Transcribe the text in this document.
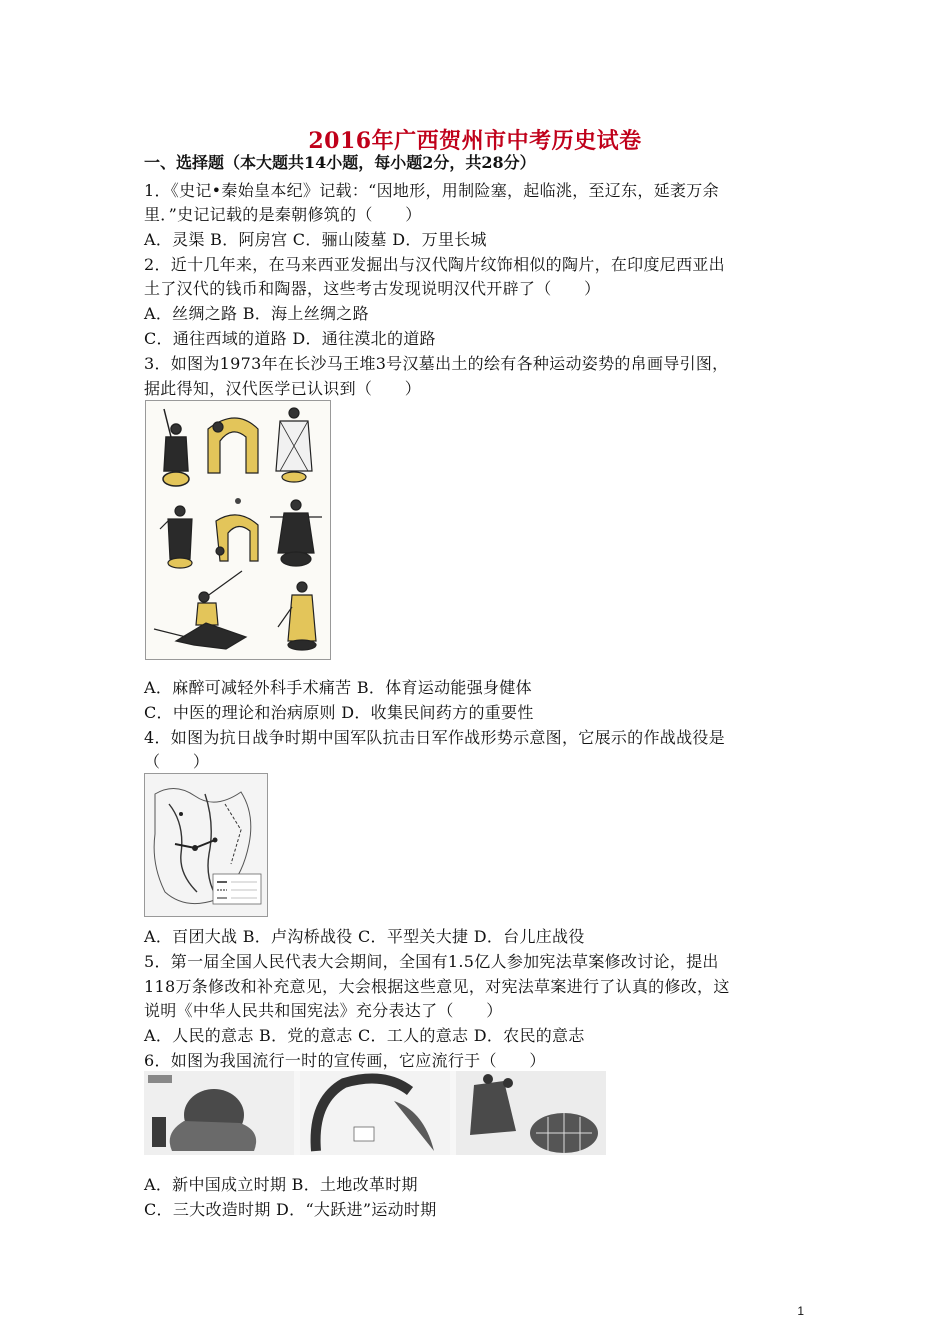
2016年广西贺州市中考历史试卷
一、选择题（本大题共14小题，每小题2分，共28分）
1．《史记•秦始皇本纪》记载：“因地形，用制险塞，起临洮，至辽东，延袤万余
里．”史记记载的是秦朝修筑的（　　）
A．灵渠 B．阿房宫 C．骊山陵墓 D．万里长城
2．近十几年来，在马来西亚发掘出与汉代陶片纹饰相似的陶片，在印度尼西亚出
土了汉代的钱币和陶器，这些考古发现说明汉代开辟了（　　）
A．丝绸之路 B．海上丝绸之路
C．通往西域的道路 D．通往漠北的道路
3．如图为1973年在长沙马王堆3号汉墓出土的绘有各种运动姿势的帛画导引图，
据此得知，汉代医学已认识到（　　）
A．麻醉可减轻外科手术痛苦 B．体育运动能强身健体
C．中医的理论和治病原则 D．收集民间药方的重要性
4．如图为抗日战争时期中国军队抗击日军作战形势示意图，它展示的作战战役是
（　　）
A．百团大战 B．卢沟桥战役 C．平型关大捷 D．台儿庄战役
5．第一届全国人民代表大会期间，全国有1.5亿人参加宪法草案修改讨论，提出
118万条修改和补充意见，大会根据这些意见，对宪法草案进行了认真的修改，这
说明《中华人民共和国宪法》充分表达了（　　）
A．人民的意志 B．党的意志 C．工人的意志 D．农民的意志
6．如图为我国流行一时的宣传画，它应流行于（　　）
A．新中国成立时期 B．土地改革时期
C．三大改造时期 D．“大跃进”运动时期
1
